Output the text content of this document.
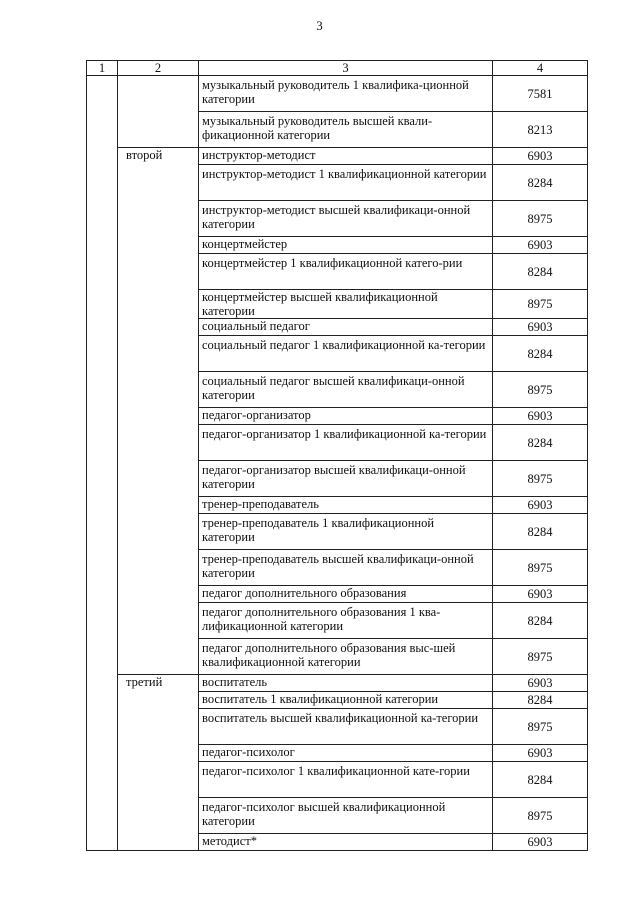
3
1	2	3	4
		музыкальный руководитель 1 квалифика-ционной категории	7581
		музыкальный руководитель высшей квали-фикационной категории	8213
	второй	инструктор-методист	6903
		инструктор-методист 1 квалификационной категории	8284
		инструктор-методист высшей квалификаци-онной категории	8975
		концертмейстер	6903
		концертмейстер 1 квалификационной катего-рии	8284
		концертмейстер высшей квалификационной категории	8975
		социальный педагог	6903
		социальный педагог 1 квалификационной ка-тегории	8284
		социальный педагог высшей квалификаци-онной категории	8975
		педагог-организатор	6903
		педагог-организатор 1 квалификационной ка-тегории	8284
		педагог-организатор высшей квалификаци-онной категории	8975
		тренер-преподаватель	6903
		тренер-преподаватель 1 квалификационной категории	8284
		тренер-преподаватель высшей квалификаци-онной категории	8975
		педагог дополнительного образования	6903
		педагог дополнительного образования 1 ква-лификационной категории	8284
		педагог дополнительного образования выс-шей квалификационной категории	8975
	третий	воспитатель	6903
		воспитатель 1 квалификационной категории	8284
		воспитатель высшей квалификационной ка-тегории	8975
		педагог-психолог	6903
		педагог-психолог 1 квалификационной кате-гории	8284
		педагог-психолог высшей квалификационной категории	8975
		методист*	6903
